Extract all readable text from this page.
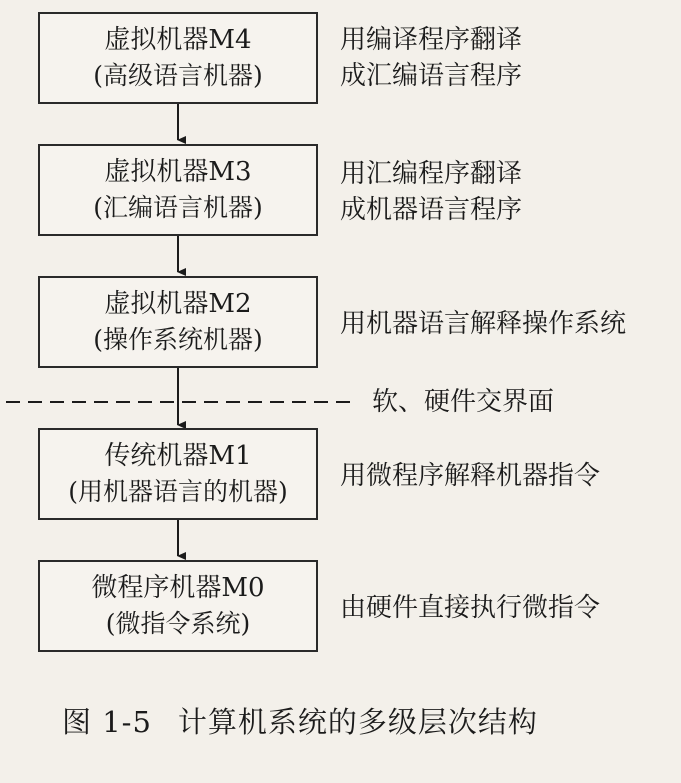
虚拟机器M4
(高级语言机器)
用编译程序翻译
成汇编语言程序
虚拟机器M3
(汇编语言机器)
用汇编程序翻译
成机器语言程序
虚拟机器M2
(操作系统机器)
用机器语言解释操作系统
软、硬件交界面
传统机器M1
(用机器语言的机器)
用微程序解释机器指令
微程序机器M0
(微指令系统)
由硬件直接执行微指令
图 1-5 计算机系统的多级层次结构
